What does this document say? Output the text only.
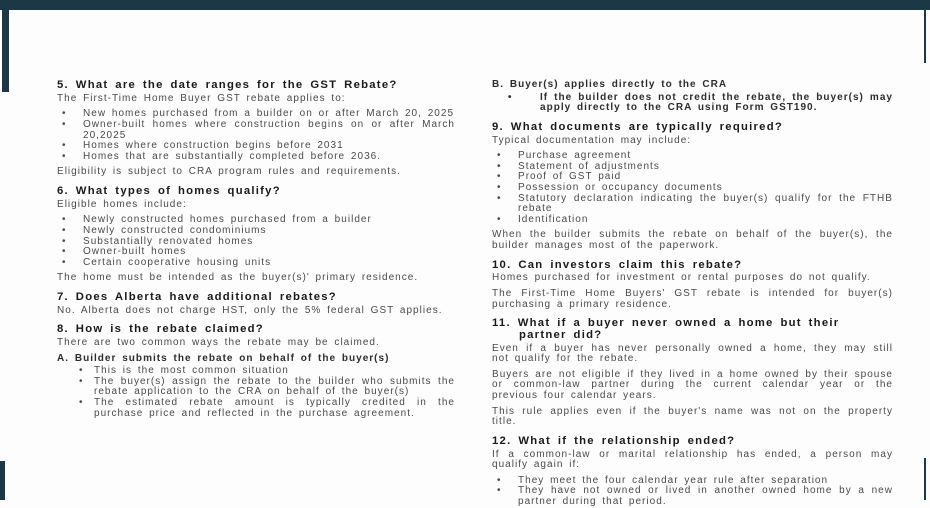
5. What are the date ranges for the GST Rebate?
The First-Time Home Buyer GST rebate applies to:
•	New homes purchased from a builder on or after March 20, 2025
•	Owner-built homes where construction begins on or after March 20,2025
•	Homes where construction begins before 2031
•	Homes that are substantially completed before 2036.
Eligibility is subject to CRA program rules and requirements.
6. What types of homes qualify?
Eligible homes include:
•	Newly constructed homes purchased from a builder
•	Newly constructed condominiums
•	Substantially renovated homes
•	Owner-built homes
•	Certain cooperative housing units
The home must be intended as the buyer(s)' primary residence.
7. Does Alberta have additional rebates?
No. Alberta does not charge HST, only the 5% federal GST applies.
8. How is the rebate claimed?
There are two common ways the rebate may be claimed.
A. Builder submits the rebate on behalf of the buyer(s)
•	This is the most common situation
•	The buyer(s) assign the rebate to the builder who submits the rebate application to the CRA on behalf of the buyer(s)
•	The estimated rebate amount is typically credited in the purchase price and reflected in the purchase agreement.
B. Buyer(s) applies directly to the CRA
•	If the builder does not credit the rebate, the buyer(s) may apply directly to the CRA using Form GST190.
9. What documents are typically required?
Typical documentation may include:
•	Purchase agreement
•	Statement of adjustments
•	Proof of GST paid
•	Possession or occupancy documents
•	Statutory declaration indicating the buyer(s) qualify for the FTHB rebate
•	Identification
When the builder submits the rebate on behalf of the buyer(s), the builder manages most of the paperwork.
10. Can investors claim this rebate?
Homes purchased for investment or rental purposes do not qualify.
The First-Time Home Buyers' GST rebate is intended for buyer(s) purchasing a primary residence.
11. What if a buyer never owned a home but their partner did?
Even if a buyer has never personally owned a home, they may still not qualify for the rebate.
Buyers are not eligible if they lived in a home owned by their spouse or common-law partner during the current calendar year or the previous four calendar years.
This rule applies even if the buyer's name was not on the property title.
12. What if the relationship ended?
If a common-law or marital relationship has ended, a person may qualify again if:
•	They meet the four calendar year rule after separation
•	They have not owned or lived in another owned home by a new partner during that period.
